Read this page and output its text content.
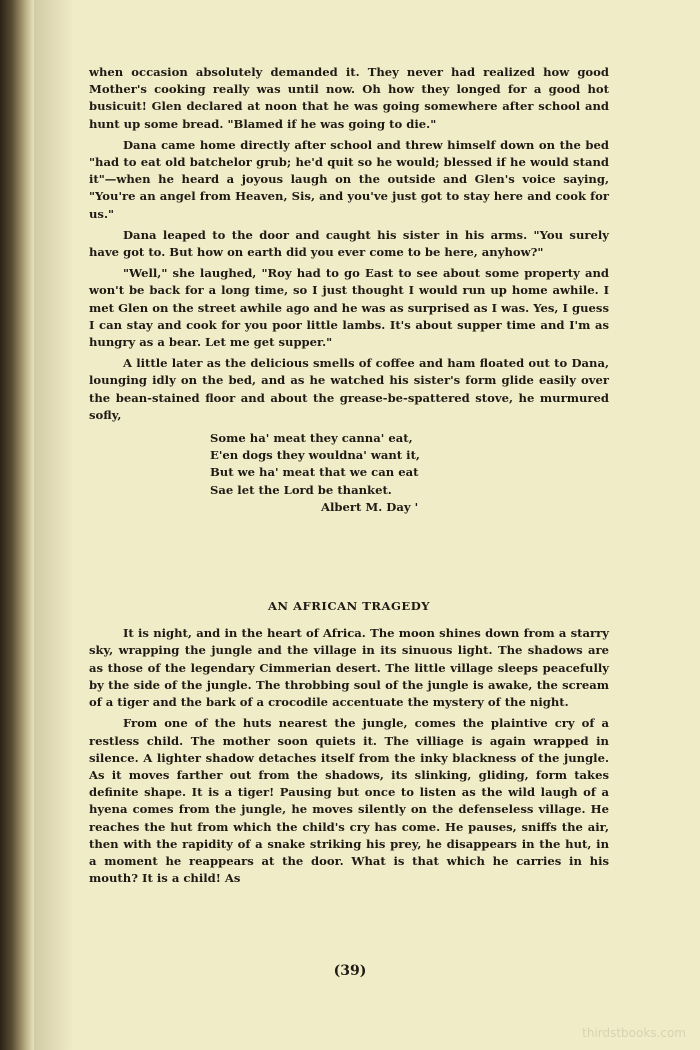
when occasion absolutely demanded it. They never had realized how good Mother's cooking really was until now. Oh how they longed for a good hot busicuit! Glen declared at noon that he was going somewhere after school and hunt up some bread. "Blamed if he was going to die."

Dana came home directly after school and threw himself down on the bed "had to eat old batchelor grub; he'd quit so he would; blessed if he would stand it"—when he heard a joyous laugh on the outside and Glen's voice saying, "You're an angel from Heaven, Sis, and you've just got to stay here and cook for us."

Dana leaped to the door and caught his sister in his arms. "You surely have got to. But how on earth did you ever come to be here, anyhow?"

"Well," she laughed, "Roy had to go East to see about some property and won't be back for a long time, so I just thought I would run up home awhile. I met Glen on the street awhile ago and he was as surprised as I was. Yes, I guess I can stay and cook for you poor little lambs. It's about supper time and I'm as hungry as a bear. Let me get supper."

A little later as the delicious smells of coffee and ham floated out to Dana, lounging idly on the bed, and as he watched his sister's form glide easily over the bean-stained floor and about the grease-be-spattered stove, he murmured sofly,

Some ha' meat they canna' eat,
E'en dogs they wouldna' want it,
But we ha' meat that we can eat
Sae let the Lord be thanket.
Albert M. Day '
AN AFRICAN TRAGEDY

It is night, and in the heart of Africa. The moon shines down from a starry sky, wrapping the jungle and the village in its sinuous light. The shadows are as those of the legendary Cimmerian desert. The little village sleeps peacefully by the side of the jungle. The throbbing soul of the jungle is awake, the scream of a tiger and the bark of a crocodile accentuate the mystery of the night.

From one of the huts nearest the jungle, comes the plaintive cry of a restless child. The mother soon quiets it. The villiage is again wrapped in silence. A lighter shadow detaches itself from the inky blackness of the jungle. As it moves farther out from the shadows, its slinking, gliding, form takes definite shape. It is a tiger! Pausing but once to listen as the wild laugh of a hyena comes from the jungle, he moves silently on the defenseless village. He reaches the hut from which the child's cry has come. He pauses, sniffs the air, then with the rapidity of a snake striking his prey, he disappears in the hut, in a moment he reappears at the door. What is that which he carries in his mouth? It is a child! As

(39)
thirdstbooks.com
